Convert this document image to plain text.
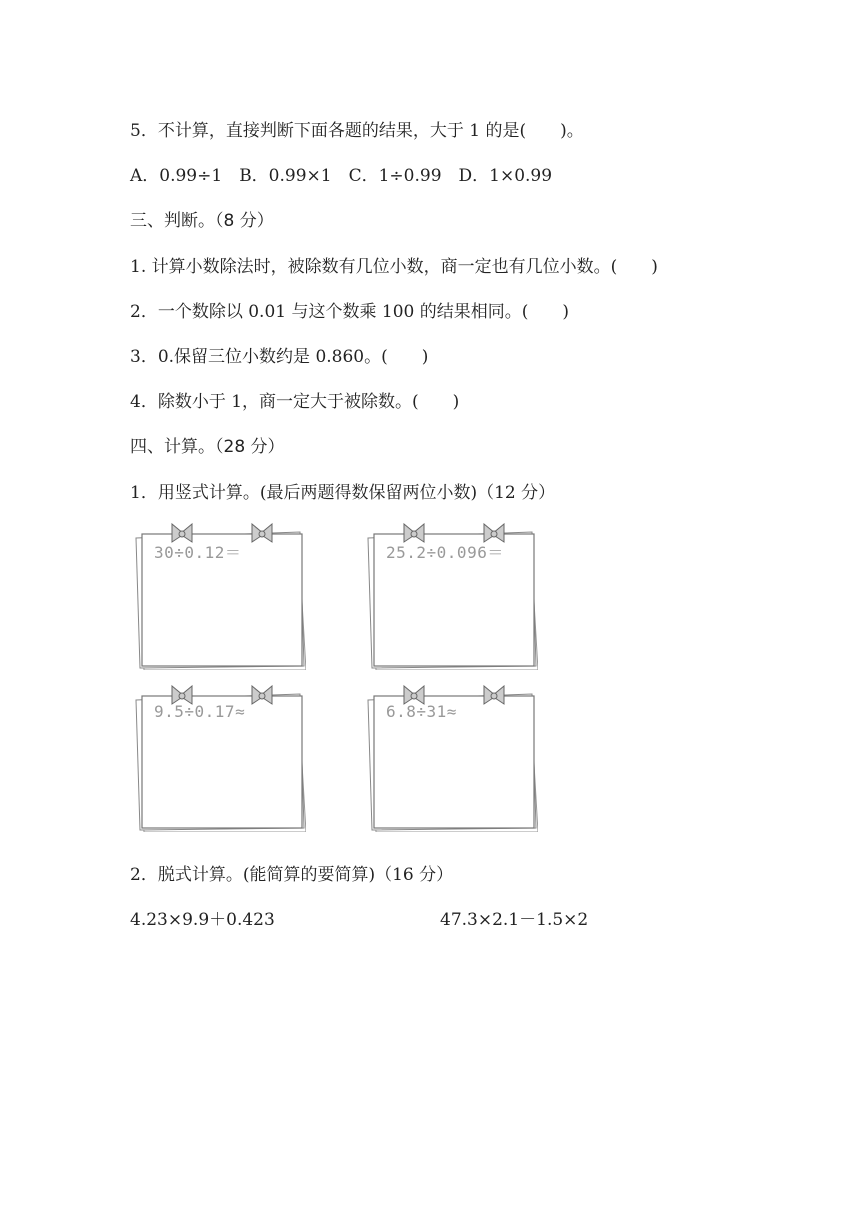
5．不计算，直接判断下面各题的结果，大于 1 的是(　　)。
A．0.99÷1　B．0.99×1　C．1÷0.99　D．1×0.99
三、判断。（8 分）
1. 计算小数除法时，被除数有几位小数，商一定也有几位小数。(　　)
2．一个数除以 0.01 与这个数乘 100 的结果相同。(　　)
3．0.保留三位小数约是 0.860。(　　)
4．除数小于 1，商一定大于被除数。(　　)
四、计算。（28 分）
1．用竖式计算。(最后两题得数保留两位小数)（12 分）
30÷0.12＝	25.2÷0.096＝
9.5÷0.17≈	6.8÷31≈
2．脱式计算。(能简算的要简算)（16 分）
4.23×9.9＋0.423	47.3×2.1－1.5×2
